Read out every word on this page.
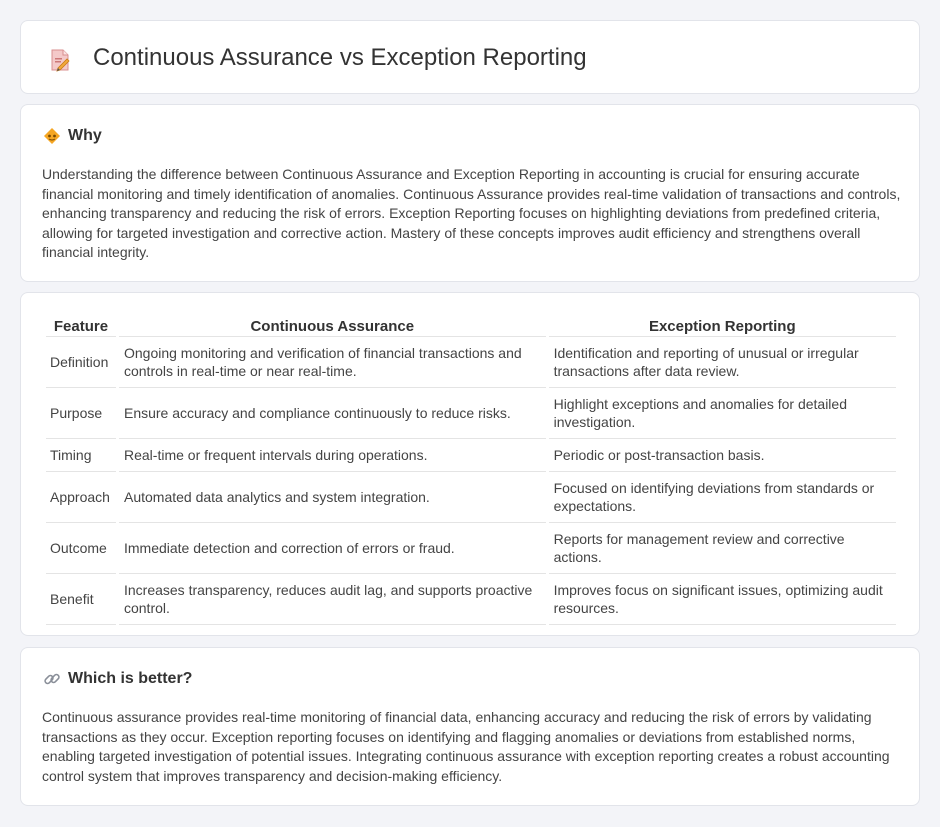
Continuous Assurance vs Exception Reporting
Why

Understanding the difference between Continuous Assurance and Exception Reporting in accounting is crucial for ensuring accurate financial monitoring and timely identification of anomalies. Continuous Assurance provides real-time validation of transactions and controls, enhancing transparency and reducing the risk of errors. Exception Reporting focuses on highlighting deviations from predefined criteria, allowing for targeted investigation and corrective action. Mastery of these concepts improves audit efficiency and strengthens overall financial integrity.

Feature	Continuous Assurance	Exception Reporting
Definition	Ongoing monitoring and verification of financial transactions and controls in real-time or near real-time.	Identification and reporting of unusual or irregular transactions after data review.
Purpose	Ensure accuracy and compliance continuously to reduce risks.	Highlight exceptions and anomalies for detailed investigation.
Timing	Real-time or frequent intervals during operations.	Periodic or post-transaction basis.
Approach	Automated data analytics and system integration.	Focused on identifying deviations from standards or expectations.
Outcome	Immediate detection and correction of errors or fraud.	Reports for management review and corrective actions.
Benefit	Increases transparency, reduces audit lag, and supports proactive control.	Improves focus on significant issues, optimizing audit resources.
Which is better?

Continuous assurance provides real-time monitoring of financial data, enhancing accuracy and reducing the risk of errors by validating transactions as they occur. Exception reporting focuses on identifying and flagging anomalies or deviations from established norms, enabling targeted investigation of potential issues. Integrating continuous assurance with exception reporting creates a robust accounting control system that improves transparency and decision-making efficiency.
